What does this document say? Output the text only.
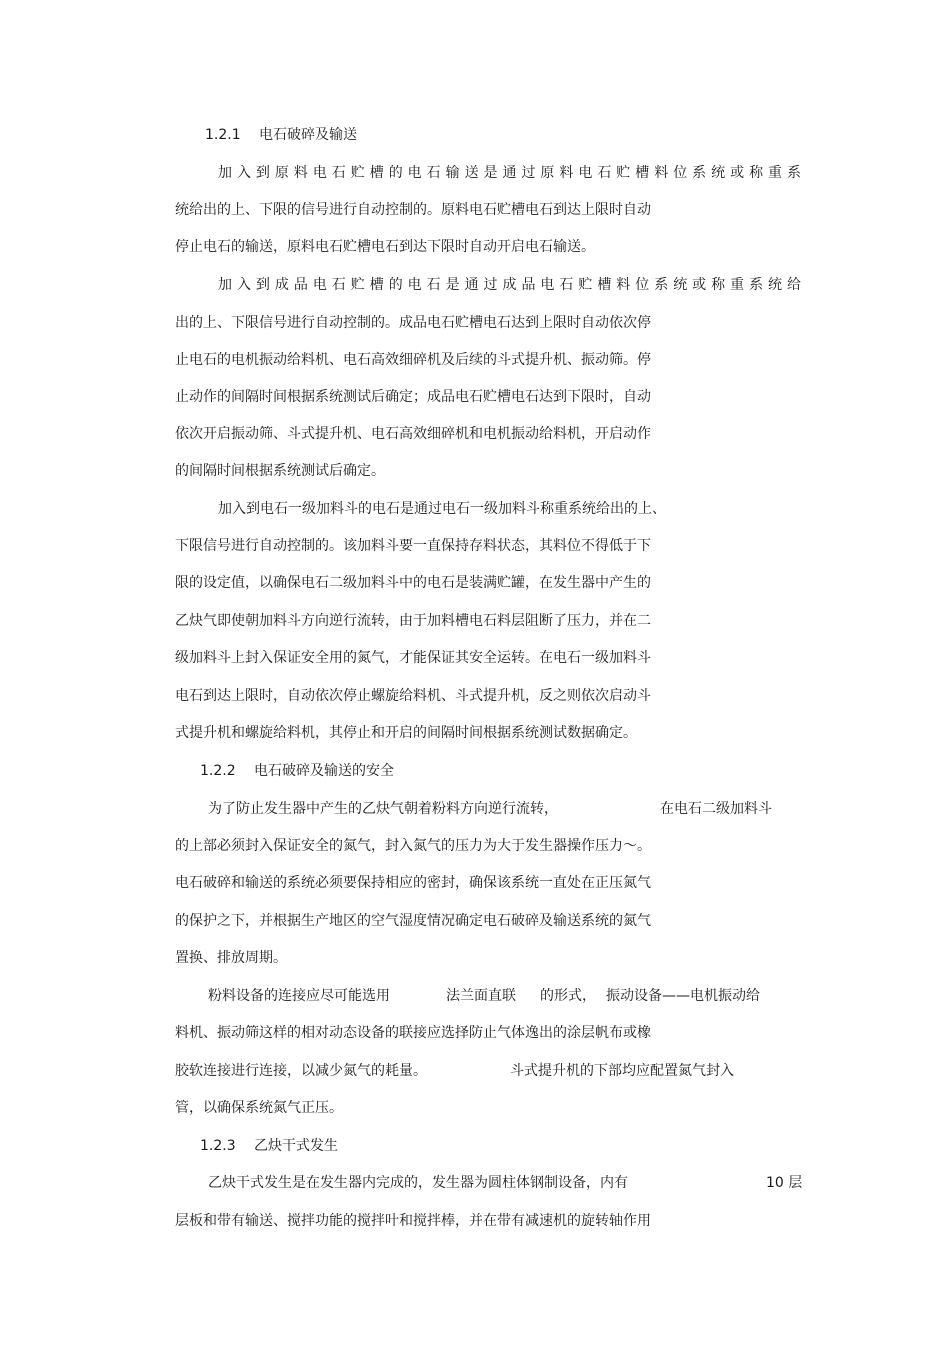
1.2.1 电石破碎及输送
加入到原料电石贮槽的电石输送是通过原料电石贮槽料位系统或称重系
统给出的上、下限的信号进行自动控制的。原料电石贮槽电石到达上限时自动
停止电石的输送，原料电石贮槽电石到达下限时自动开启电石输送。
加入到成品电石贮槽的电石是通过成品电石贮槽料位系统或称重系统给
出的上、下限信号进行自动控制的。成品电石贮槽电石达到上限时自动依次停
止电石的电机振动给料机、电石高效细碎机及后续的斗式提升机、振动筛。停
止动作的间隔时间根据系统测试后确定；成品电石贮槽电石达到下限时，自动
依次开启振动筛、斗式提升机、电石高效细碎机和电机振动给料机，开启动作
的间隔时间根据系统测试后确定。
加入到电石一级加料斗的电石是通过电石一级加料斗称重系统给出的上、
下限信号进行自动控制的。该加料斗要一直保持存料状态，其料位不得低于下
限的设定值，以确保电石二级加料斗中的电石是装满贮罐，在发生器中产生的
乙炔气即使朝加料斗方向逆行流转，由于加料槽电石料层阻断了压力，并在二
级加料斗上封入保证安全用的氮气，才能保证其安全运转。在电石一级加料斗
电石到达上限时，自动依次停止螺旋给料机、斗式提升机，反之则依次启动斗
式提升机和螺旋给料机，其停止和开启的间隔时间根据系统测试数据确定。
1.2.2 电石破碎及输送的安全
为了防止发生器中产生的乙炔气朝着粉料方向逆行流转，	在电石二级加料斗
的上部必须封入保证安全的氮气，封入氮气的压力为大于发生器操作压力～。
电石破碎和输送的系统必须要保持相应的密封，确保该系统一直处在正压氮气
的保护之下，并根据生产地区的空气湿度情况确定电石破碎及输送系统的氮气
置换、排放周期。
粉料设备的连接应尽可能选用	法兰面直联 的形式， 振动设备——电机振动给
料机、振动筛这样的相对动态设备的联接应选择防止气体逸出的涂层帆布或橡
胶软连接进行连接，以减少氮气的耗量。	斗式提升机的下部均应配置氮气封入
管，以确保系统氮气正压。
1.2.3 乙炔干式发生
乙炔干式发生是在发生器内完成的，发生器为圆柱体钢制设备，内有	10 层
层板和带有输送、搅拌功能的搅拌叶和搅拌棒，并在带有减速机的旋转轴作用
